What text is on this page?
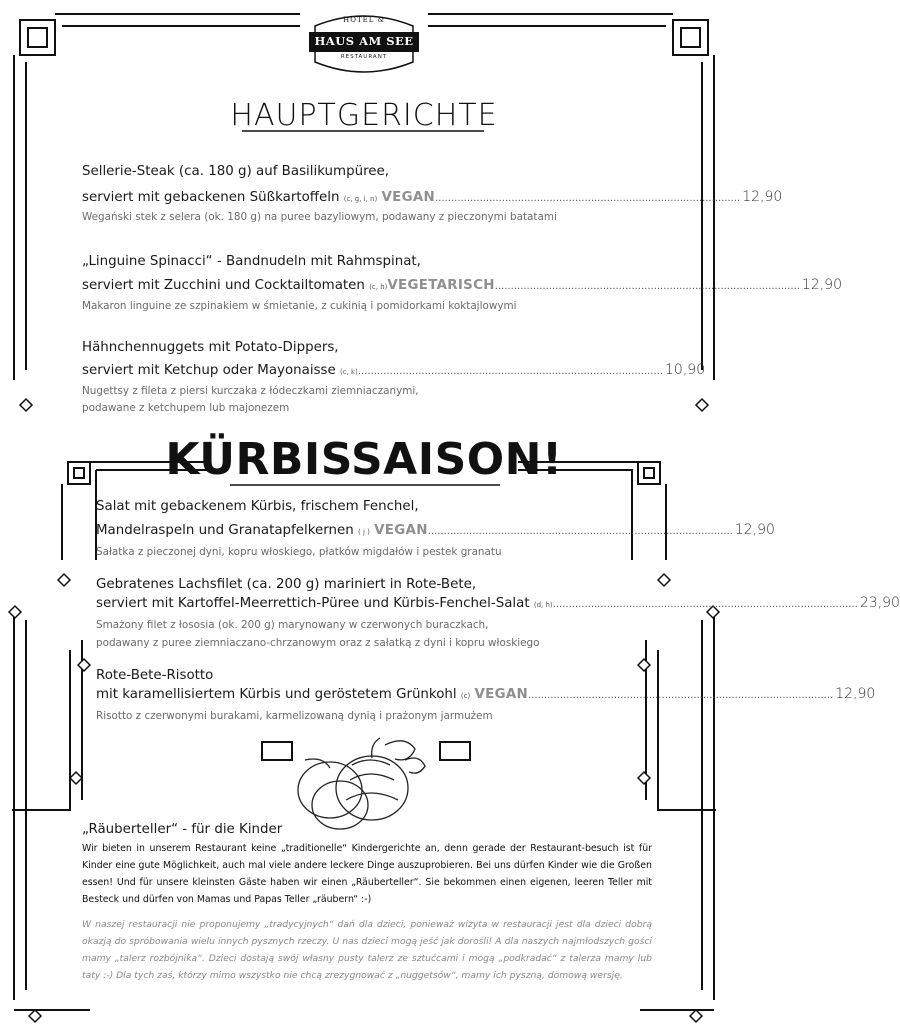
HOTEL &
HAUS AM SEE
RESTAURANT
HAUPTGERICHTE
Sellerie-Steak (ca. 180 g) auf Basilikumpüree,
serviert mit gebackenen Süßkartoffeln
(c, g, i, n)
VEGAN ................................................................................................ 12,90
Wegański stek z selera (ok. 180 g) na puree bazyliowym, podawany z pieczonymi batatami
„Linguine Spinacci“ - Bandnudeln mit Rahmspinat,
serviert mit Zucchini und Cocktailtomaten
(c, h) VEGETARISCH ................................................................................................ 12,90
Makaron linguine ze szpinakiem w śmietanie, z cukinią i pomidorkami koktajlowymi
Hähnchennuggets mit Potato-Dippers,
serviert mit Ketchup oder Mayonaisse
(c, k) ................................................................................................ 10,90
Nugettsy z fileta z piersi kurczaka z łódeczkami ziemniaczanymi,
podawane z ketchupem lub majonezem
KÜRBISSAISON!
Salat mit gebackenem Kürbis, frischem Fenchel,
Mandelraspeln und Granatapfelkernen
( j )
VEGAN ................................................................................................ 12,90
Sałatka z pieczonej dyni, kopru włoskiego, płatków migdałów i pestek granatu
Gebratenes Lachsfilet (ca. 200 g) mariniert in Rote-Bete,
serviert mit Kartoffel-Meerrettich-Püree und Kürbis-Fenchel-Salat
(d, h) ................................................................................................ 23,90
Smażony filet z łososia (ok. 200 g) marynowany w czerwonych buraczkach,
podawany z puree ziemniaczano-chrzanowym oraz z sałatką z dyni i kopru włoskiego
Rote-Bete-Risotto
mit karamellisiertem Kürbis und geröstetem Grünkohl
(c)
VEGAN ................................................................................................ 12,90
Risotto z czerwonymi burakami, karmelizowaną dynią i prażonym jarmużem
„Räuberteller“ - für die Kinder
Wir bieten in unserem Restaurant keine „traditionelle“ Kindergerichte an, denn gerade der Restaurant-besuch ist für Kinder eine gute Möglichkeit, auch mal viele andere leckere Dinge auszuprobieren. Bei uns dürfen Kinder wie die Großen essen! Und für unsere kleinsten Gäste haben wir einen „Räuberteller“. Sie bekommen einen eigenen, leeren Teller mit Besteck und dürfen von Mamas und Papas Teller „räubern“ :-)
W naszej restauracji nie proponujemy „tradycyjnych“ dań dla dzieci, ponieważ wizyta w restauracji jest dla dzieci dobrą okazją do spróbowania wielu innych pysznych rzeczy. U nas dzieci mogą jeść jak dorośli! A dla naszych najmłodszych gości mamy „talerz rozbójnika“. Dzieci dostają swój własny pusty talerz ze sztućcami i mogą „podkradać“ z talerza mamy lub taty :-) Dla tych zaś, którzy mimo wszystko nie chcą zrezygnować z „nuggetsów“, mamy ich pyszną, domową wersję.
